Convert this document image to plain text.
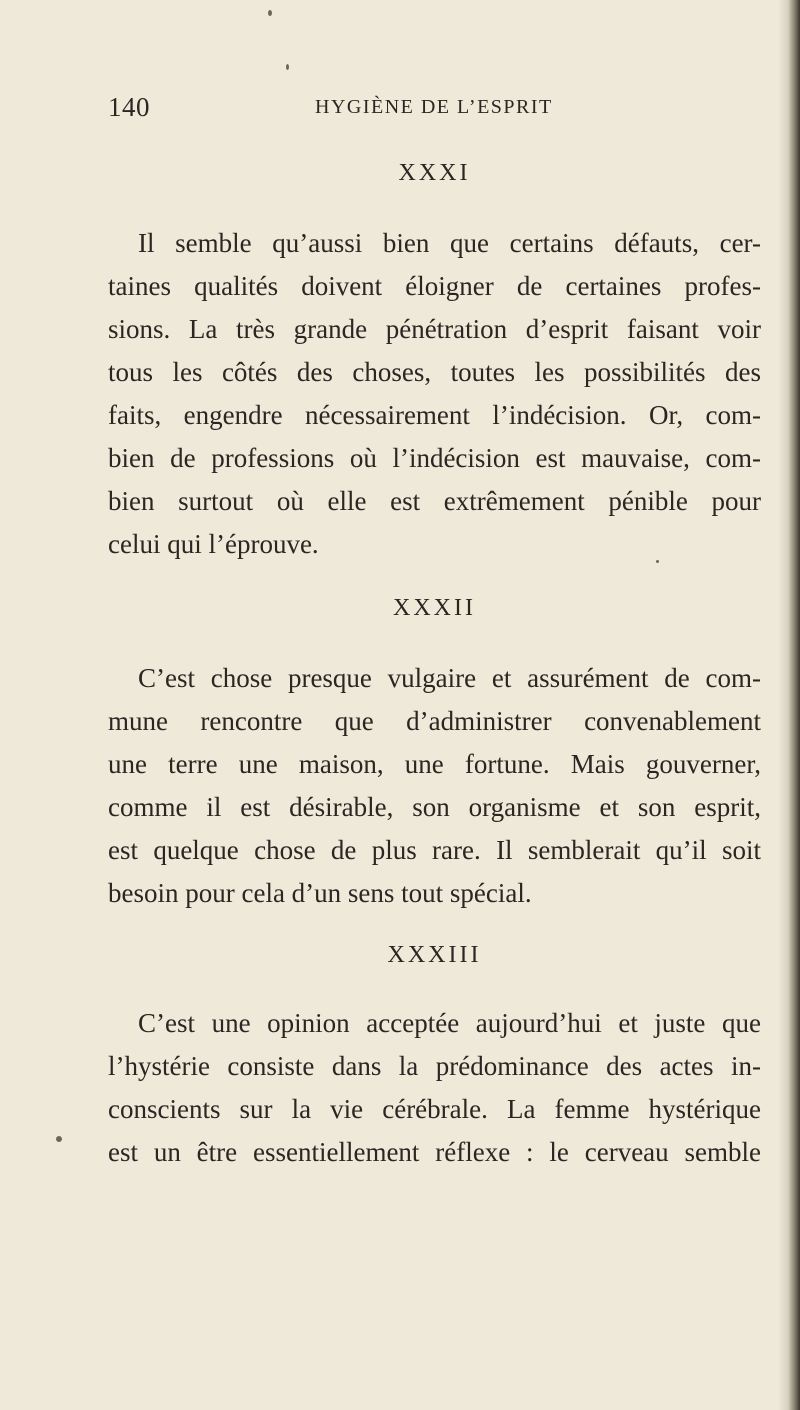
140	HYGIÈNE DE L’ESPRIT
XXXI
Il semble qu’aussi bien que certains défauts, cer-
taines qualités doivent éloigner de certaines profes-
sions. La très grande pénétration d’esprit faisant voir
tous les côtés des choses, toutes les possibilités des
faits, engendre nécessairement l’indécision. Or, com-
bien de professions où l’indécision est mauvaise, com-
bien surtout où elle est extrêmement pénible pour
celui qui l’éprouve.
XXXII
C’est chose presque vulgaire et assurément de com-
mune rencontre que d’administrer convenablement
une terre une maison, une fortune. Mais gouverner,
comme il est désirable, son organisme et son esprit,
est quelque chose de plus rare. Il semblerait qu’il soit
besoin pour cela d’un sens tout spécial.
XXXIII
C’est une opinion acceptée aujourd’hui et juste que
l’hystérie consiste dans la prédominance des actes in-
conscients sur la vie cérébrale. La femme hystérique
est un être essentiellement réflexe : le cerveau semble
